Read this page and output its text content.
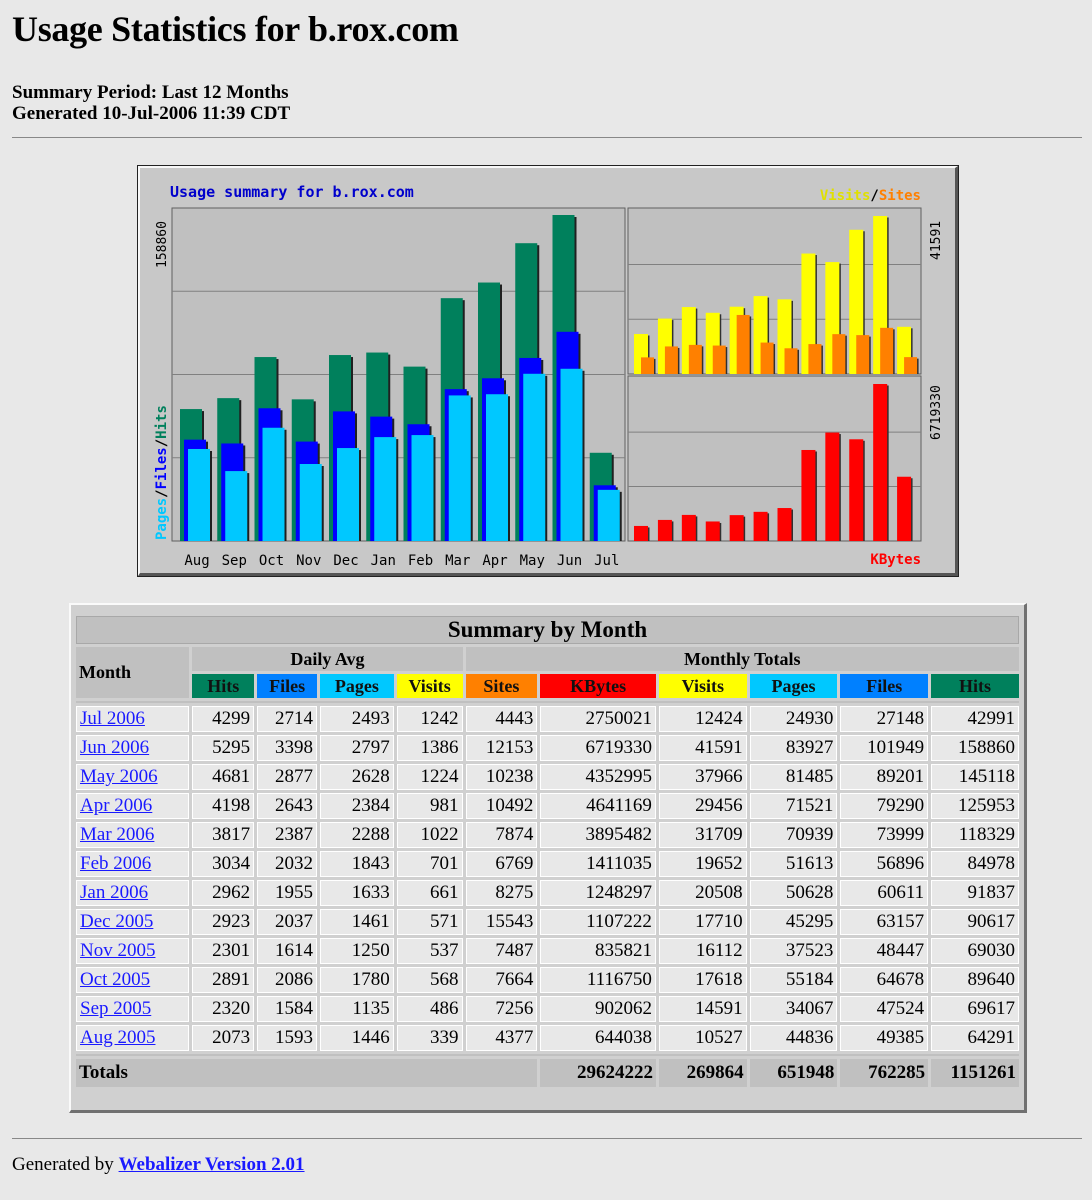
Usage Statistics for b.rox.com
Summary Period: Last 12 Months
Generated 10-Jul-2006 11:39 CDT
Aug Sep Oct Nov Dec Jan Feb Mar Apr May Jun Jul
Usage summary for b.rox.com	Visits/Sites
KBytes
Pages/Files/Hits
158860	41591
6719330
Summary by Month										
Month	Daily Avg				Monthly Totals					
	Hits	Files	Pages	Visits	Sites	KBytes	Visits	Pages	Files	Hits

Jul 2006	4299	2714	2493	1242	4443	2750021	12424	24930	27148	42991
Jun 2006	5295	3398	2797	1386	12153	6719330	41591	83927	101949	158860
May 2006	4681	2877	2628	1224	10238	4352995	37966	81485	89201	145118
Apr 2006	4198	2643	2384	981	10492	4641169	29456	71521	79290	125953
Mar 2006	3817	2387	2288	1022	7874	3895482	31709	70939	73999	118329
Feb 2006	3034	2032	1843	701	6769	1411035	19652	51613	56896	84978
Jan 2006	2962	1955	1633	661	8275	1248297	20508	50628	60611	91837
Dec 2005	2923	2037	1461	571	15543	1107222	17710	45295	63157	90617
Nov 2005	2301	1614	1250	537	7487	835821	16112	37523	48447	69030
Oct 2005	2891	2086	1780	568	7664	1116750	17618	55184	64678	89640
Sep 2005	2320	1584	1135	486	7256	902062	14591	34067	47524	69617
Aug 2005	2073	1593	1446	339	4377	644038	10527	44836	49385	64291

Totals						29624222	269864	651948	762285	1151261
Generated by Webalizer Version 2.01
